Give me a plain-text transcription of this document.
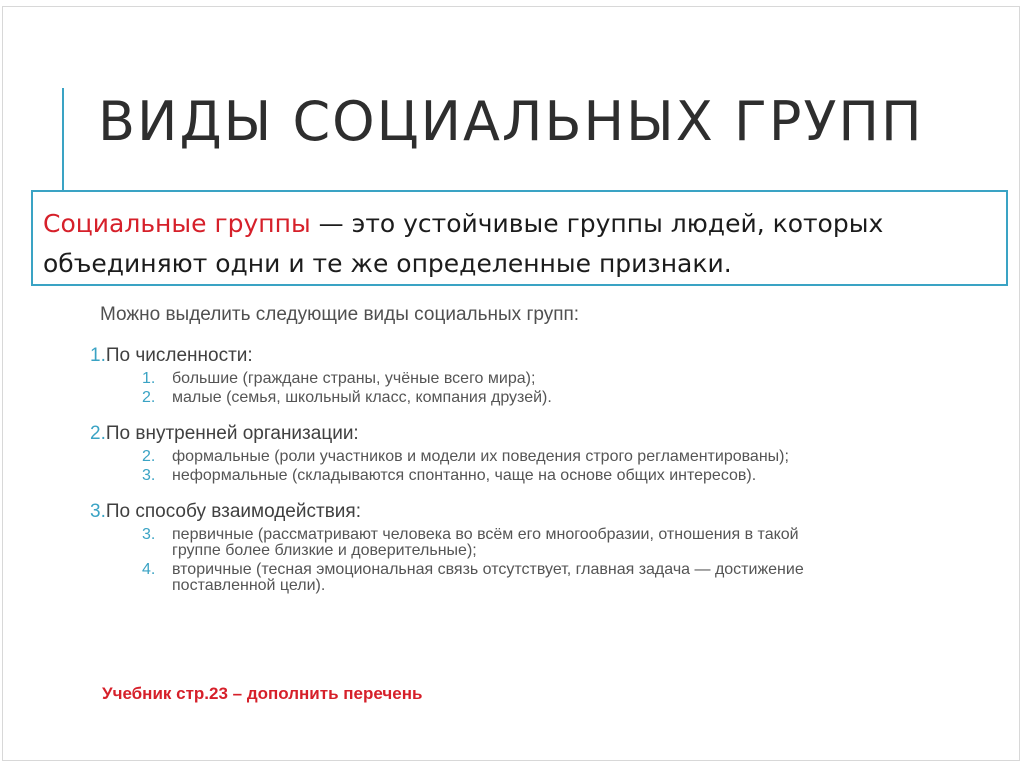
ВИДЫ СОЦИАЛЬНЫХ ГРУПП
Социальные группы — это устойчивые группы людей, которых объединяют одни и те же определенные признаки.
Можно выделить следующие виды социальных групп:
1.По численности:
1.	большие (граждане страны, учёные всего мира);
2.	малые (семья, школьный класс, компания друзей).
2.По внутренней организации:
2.	формальные (роли участников и модели их поведения строго регламентированы);
3.	неформальные (складываются спонтанно, чаще на основе общих интересов).
3.По способу взаимодействия:
3.	первичные (рассматривают человека во всём его многообразии, отношения в такой группе более близкие и доверительные);
4.	вторичные (тесная эмоциональная связь отсутствует, главная задача — достижение поставленной цели).
Учебник стр.23 – дополнить перечень
